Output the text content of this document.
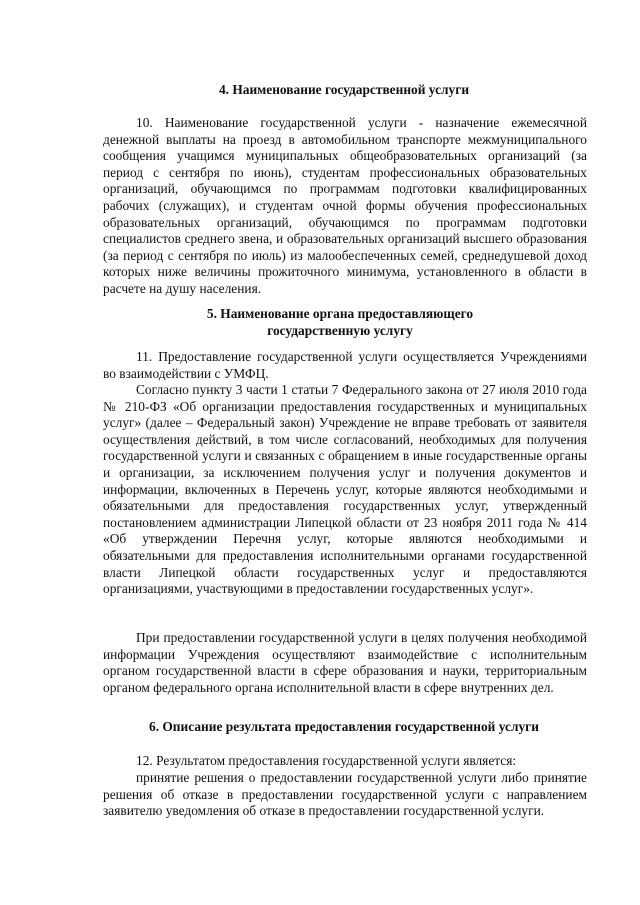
4. Наименование государственной услуги

10. Наименование государственной услуги - назначение ежемесячной денежной выплаты на проезд в автомобильном транспорте межмуниципального сообщения учащимся муниципальных общеобразовательных организаций (за период с сентября по июнь), студентам профессиональных образовательных организаций, обучающимся по программам подготовки квалифицированных рабочих (служащих), и студентам очной формы обучения профессиональных образовательных организаций, обучающимся по программам подготовки специалистов среднего звена, и образовательных организаций высшего образования (за период с сентября по июль) из малообеспеченных семей, среднедушевой доход которых ниже величины прожиточного минимума, установленного в области в расчете на душу населения.

5. Наименование органа предоставляющего государственную услугу

11. Предоставление государственной услуги осуществляется Учреждениями во взаимодействии с УМФЦ.

Согласно пункту 3 части 1 статьи 7 Федерального закона от 27 июля 2010 года № 210-ФЗ «Об организации предоставления государственных и муниципальных услуг» (далее – Федеральный закон) Учреждение не вправе требовать от заявителя осуществления действий, в том числе согласований, необходимых для получения государственной услуги и связанных с обращением в иные государственные органы и организации, за исключением получения услуг и получения документов и информации, включенных в Перечень услуг, которые являются необходимыми и обязательными для предоставления государственных услуг, утвержденный постановлением администрации Липецкой области от 23 ноября 2011 года № 414 «Об утверждении Перечня услуг, которые являются необходимыми и обязательными для предоставления исполнительными органами государственной власти Липецкой области государственных услуг и предоставляются организациями, участвующими в предоставлении государственных услуг».

При предоставлении государственной услуги в целях получения необходимой информации Учреждения осуществляют взаимодействие с исполнительным органом государственной власти в сфере образования и науки, территориальным органом федерального органа исполнительной власти в сфере внутренних дел.

6. Описание результата предоставления государственной услуги

12. Результатом предоставления государственной услуги является:

принятие решения о предоставлении государственной услуги либо принятие решения об отказе в предоставлении государственной услуги с направлением заявителю уведомления об отказе в предоставлении государственной услуги.
